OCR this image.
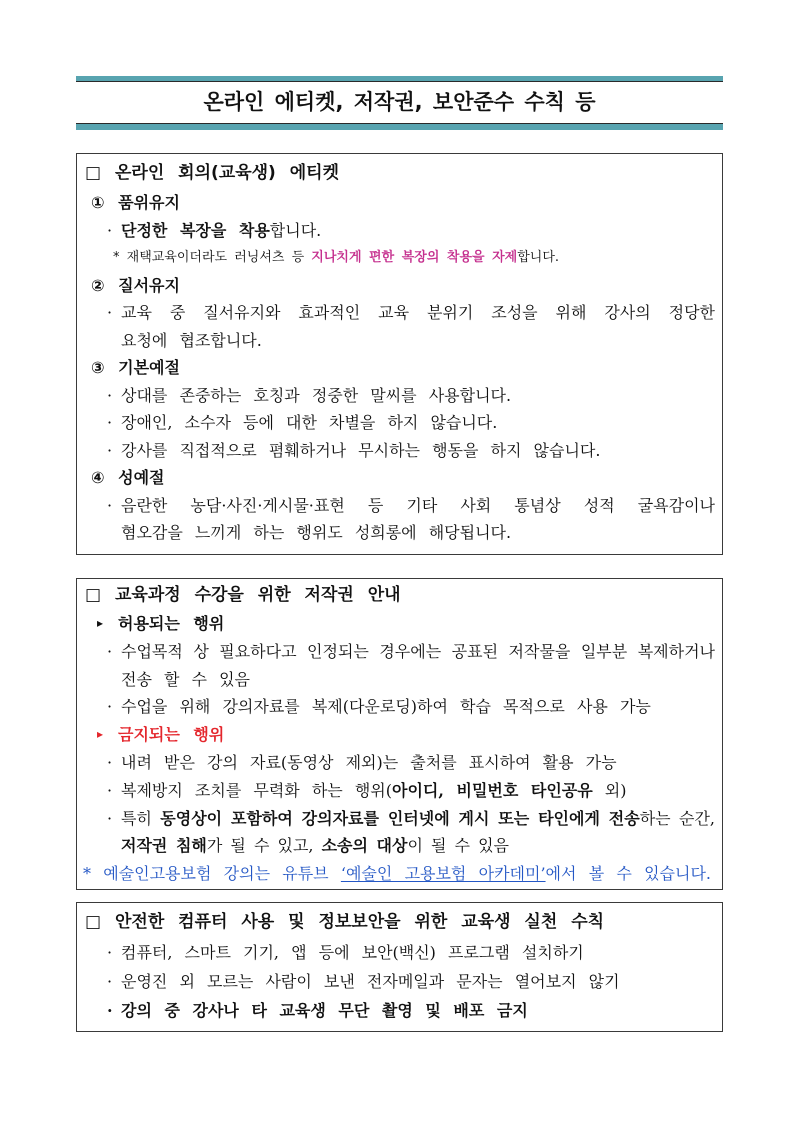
온라인 에티켓, 저작권, 보안준수 수칙 등
□ 온라인 회의(교육생) 에티켓
① 품위유지
· 단정한 복장을 착용합니다.
* 재택교육이더라도 러닝셔츠 등 지나치게 편한 복장의 착용을 자제합니다.
② 질서유지
· 교육 중 질서유지와 효과적인 교육 분위기 조성을 위해 강사의 정당한
요청에 협조합니다.
③ 기본예절
· 상대를 존중하는 호칭과 정중한 말씨를 사용합니다.
· 장애인, 소수자 등에 대한 차별을 하지 않습니다.
· 강사를 직접적으로 폄훼하거나 무시하는 행동을 하지 않습니다.
④ 성예절
· 음란한 농담·사진·게시물·표현 등 기타 사회 통념상 성적 굴욕감이나
혐오감을 느끼게 하는 행위도 성희롱에 해당됩니다.
□ 교육과정 수강을 위한 저작권 안내
▸ 허용되는 행위
· 수업목적 상 필요하다고 인정되는 경우에는 공표된 저작물을 일부분 복제하거나
전송 할 수 있음
· 수업을 위해 강의자료를 복제(다운로딩)하여 학습 목적으로 사용 가능
▸ 금지되는 행위
· 내려 받은 강의 자료(동영상 제외)는 출처를 표시하여 활용 가능
· 복제방지 조치를 무력화 하는 행위(아이디, 비밀번호 타인공유 외)
· 특히 동영상이 포함하여 강의자료를 인터넷에 게시 또는 타인에게 전송하는 순간,
저작권 침해가 될 수 있고, 소송의 대상이 될 수 있음
* 예술인고용보험 강의는 유튜브 ‘예술인 고용보험 아카데미’에서 볼 수 있습니다.
□ 안전한 컴퓨터 사용 및 정보보안을 위한 교육생 실천 수칙
· 컴퓨터, 스마트 기기, 앱 등에 보안(백신) 프로그램 설치하기
· 운영진 외 모르는 사람이 보낸 전자메일과 문자는 열어보지 않기
· 강의 중 강사나 타 교육생 무단 촬영 및 배포 금지
